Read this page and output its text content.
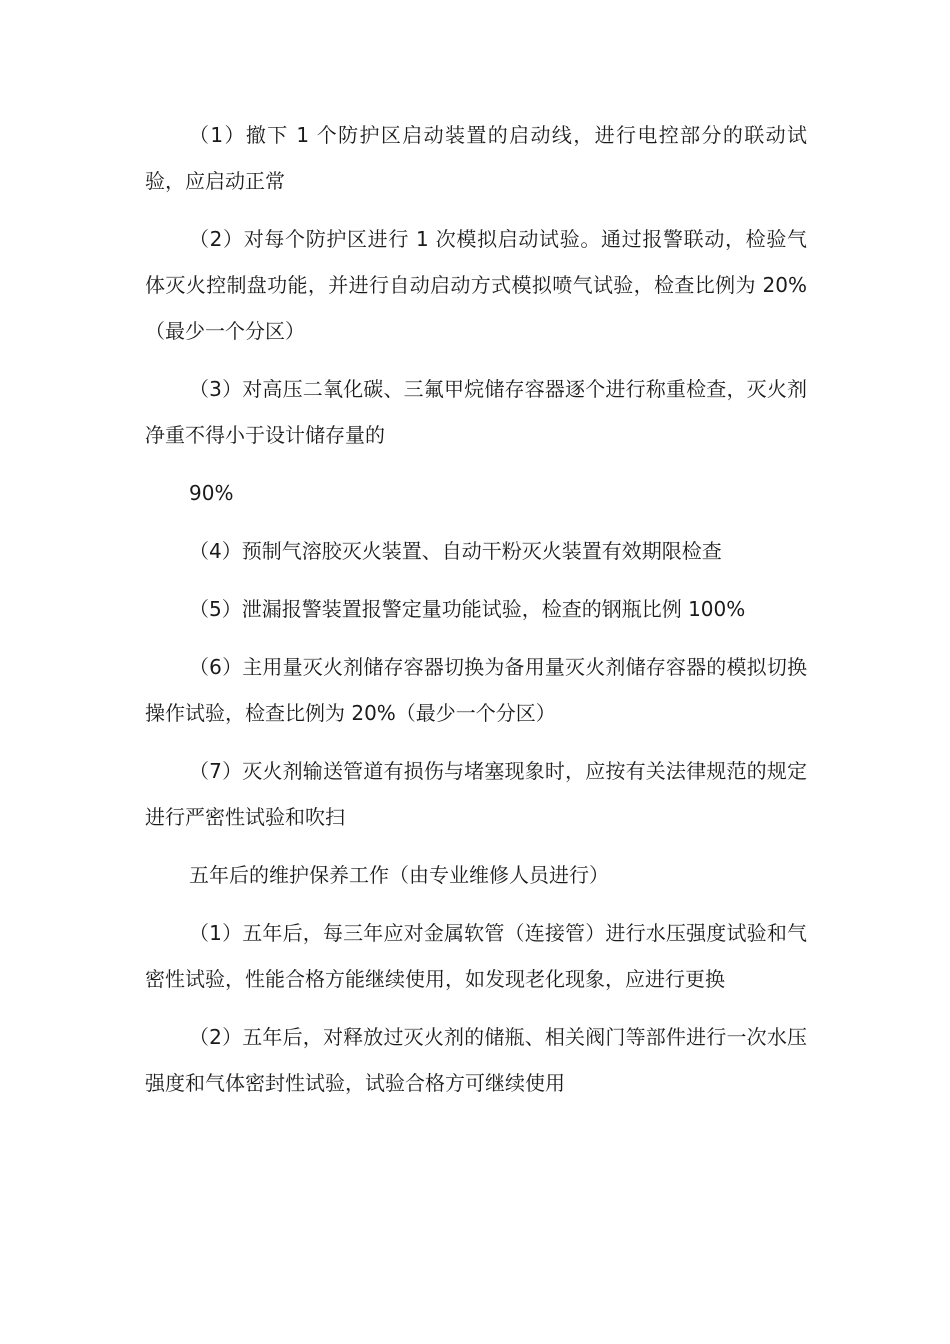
（1）撤下 1 个防护区启动装置的启动线，进行电控部分的联动试验，应启动正常

（2）对每个防护区进行 1 次模拟启动试验。通过报警联动，检验气体灭火控制盘功能，并进行自动启动方式模拟喷气试验，检查比例为 20%（最少一个分区）

（3）对高压二氧化碳、三氟甲烷储存容器逐个进行称重检查，灭火剂净重不得小于设计储存量的

90%

（4）预制气溶胶灭火装置、自动干粉灭火装置有效期限检查

（5）泄漏报警装置报警定量功能试验，检查的钢瓶比例 100%

（6）主用量灭火剂储存容器切换为备用量灭火剂储存容器的模拟切换操作试验，检查比例为 20%（最少一个分区）

（7）灭火剂输送管道有损伤与堵塞现象时，应按有关法律规范的规定进行严密性试验和吹扫

五年后的维护保养工作（由专业维修人员进行）

（1）五年后，每三年应对金属软管（连接管）进行水压强度试验和气密性试验，性能合格方能继续使用，如发现老化现象，应进行更换

（2）五年后，对释放过灭火剂的储瓶、相关阀门等部件进行一次水压强度和气体密封性试验，试验合格方可继续使用
